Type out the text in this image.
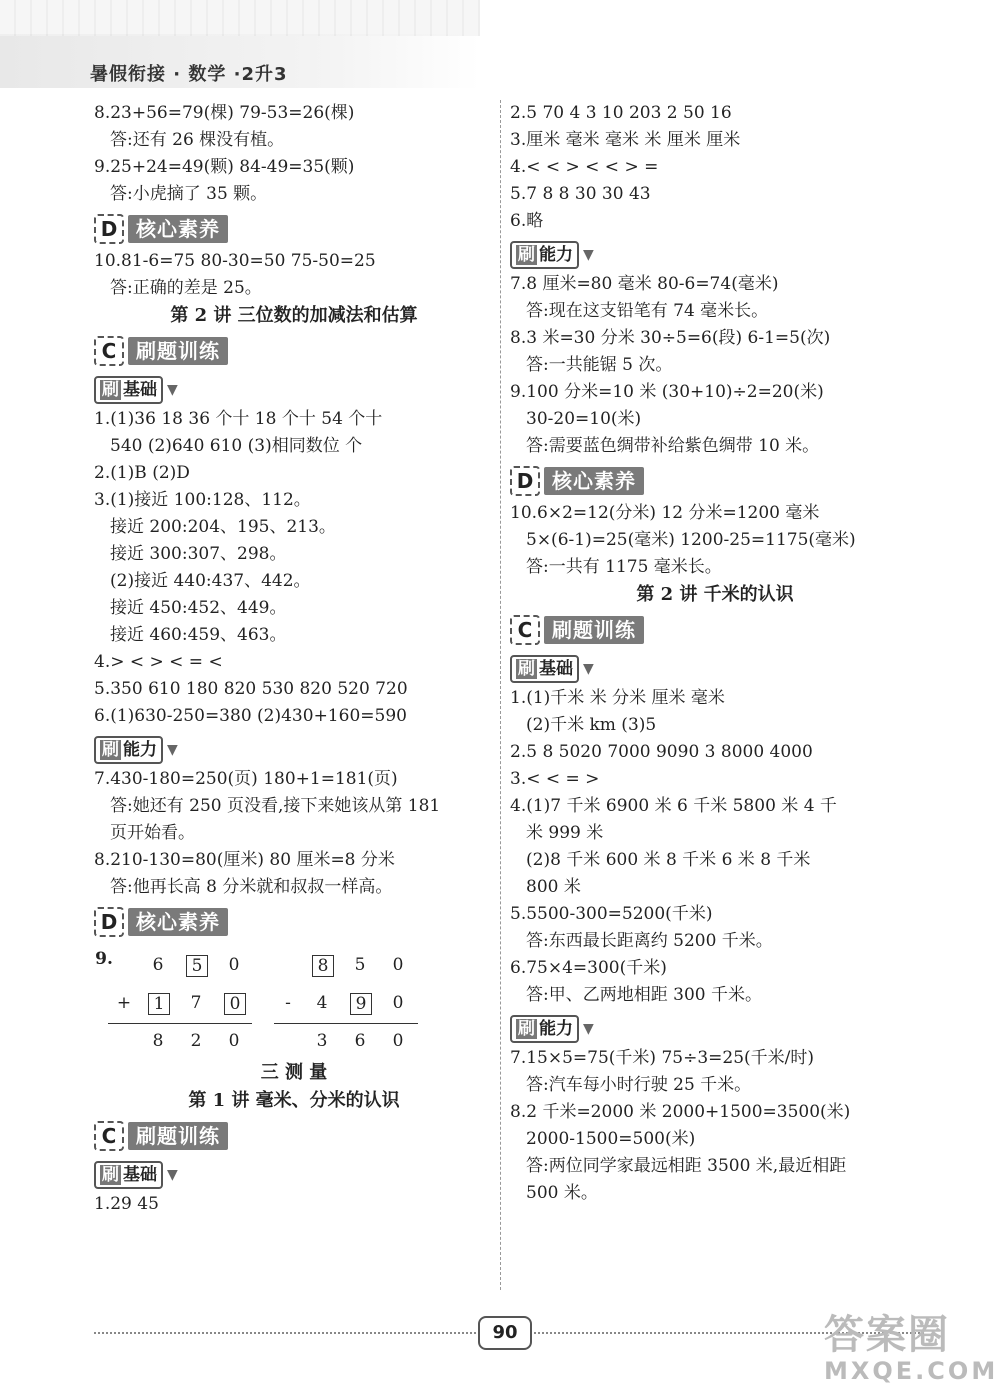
暑假衔接 · 数学 ·2升3
8.23+56=79(棵) 79-53=26(棵)
答:还有 26 棵没有植。
9.25+24=49(颗) 84-49=35(颗)
答:小虎摘了 35 颗。
D 核心素养
10.81-6=75 80-30=50 75-50=25
答:正确的差是 25。
第 2 讲 三位数的加减法和估算
C 刷题训练

刷 基础 ▼
1.(1)36 18 36 个十 18 个十 54 个十
540 (2)640 610 (3)相同数位 个
2.(1)B (2)D
3.(1)接近 100:128、112。
接近 200:204、195、213。
接近 300:307、298。
(2)接近 440:437、442。
接近 450:452、449。
接近 460:459、463。
4.> < > < = <
5.350 610 180 820 530 820 520 720
6.(1)630-250=380 (2)430+160=590
刷 能力 ▼
7.430-180=250(页) 180+1=181(页)
答:她还有 250 页没看,接下来她该从第 181
页开始看。
8.210-130=80(厘米) 80 厘米=8 分米
答:他再长高 8 分米就和叔叔一样高。
D 核心素养
9. 6	5	0
+	1	7	0
8 2 0
8	5 0
-	4	9	0
3 6 0
三 测 量
第 1 讲 毫米、分米的认识
C 刷题训练

刷 基础 ▼
1.29 45
2.5 70 4 3 10 203 2 50 16
3.厘米 毫米 毫米 米 厘米 厘米
4.< < > < < > =
5.7 8 8 30 30 43
6.略
刷 能力 ▼
7.8 厘米=80 毫米 80-6=74(毫米)
答:现在这支铅笔有 74 毫米长。
8.3 米=30 分米 30÷5=6(段) 6-1=5(次)
答:一共能锯 5 次。
9.100 分米=10 米 (30+10)÷2=20(米)
30-20=10(米)
答:需要蓝色绸带补给紫色绸带 10 米。
D 核心素养
10.6×2=12(分米) 12 分米=1200 毫米
5×(6-1)=25(毫米) 1200-25=1175(毫米)
答:一共有 1175 毫米长。
第 2 讲 千米的认识
C 刷题训练

刷 基础 ▼
1.(1)千米 米 分米 厘米 毫米
(2)千米 km (3)5
2.5 8 5020 7000 9090 3 8000 4000
3.< < = >
4.(1)7 千米 6900 米 6 千米 5800 米 4 千
米 999 米
(2)8 千米 600 米 8 千米 6 米 8 千米
800 米
5.5500-300=5200(千米)
答:东西最长距离约 5200 千米。
6.75×4=300(千米)
答:甲、乙两地相距 300 千米。
刷 能力 ▼
7.15×5=75(千米) 75÷3=25(千米/时)
答:汽车每小时行驶 25 千米。
8.2 千米=2000 米 2000+1500=3500(米)
2000-1500=500(米)
答:两位同学家最远相距 3500 米,最近相距
500 米。
90	答案圈
MXQE.COM
